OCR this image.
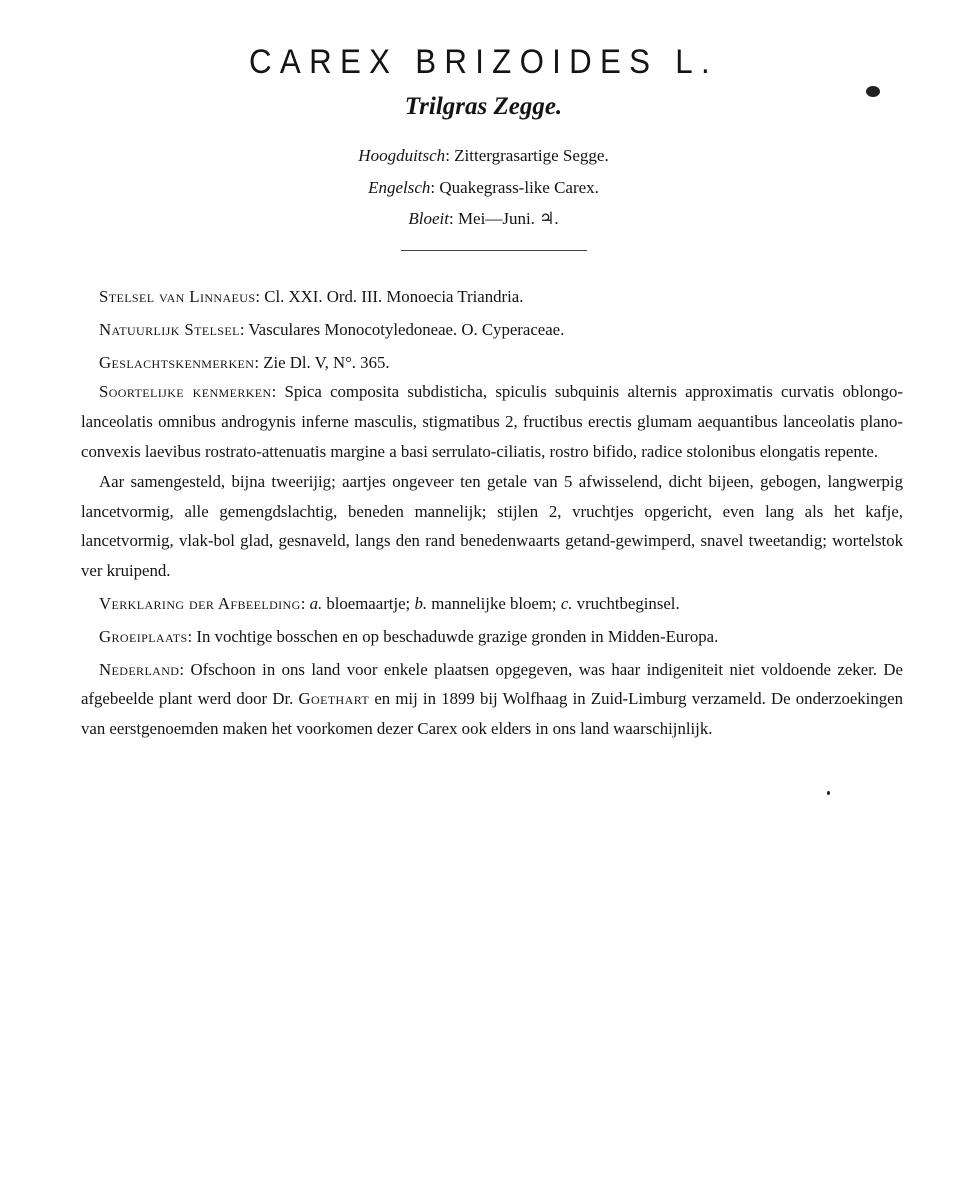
CAREX BRIZOIDES L.
Trilgras Zegge.
Hoogduitsch: Zittergrasartige Segge.
Engelsch: Quakegrass-like Carex.
Bloeit: Mei—Juni. ♃.

Stelsel van Linnaeus: Cl. XXI. Ord. III. Monoecia Triandria.

Natuurlijk Stelsel: Vasculares Monocotyledoneae. O. Cyperaceae.

Geslachtskenmerken: Zie Dl. V, N°. 365.

Soortelijke kenmerken: Spica composita subdisticha, spiculis subquinis alternis approximatis curvatis oblongo-lanceolatis omnibus androgynis inferne masculis, stigmatibus 2, fructibus erectis glumam aequantibus lanceolatis plano-convexis laevibus rostrato-attenuatis margine a basi serrulato-ciliatis, rostro bifido, radice stolonibus elongatis repente.

Aar samengesteld, bijna tweerijig; aartjes ongeveer ten getale van 5 afwisselend, dicht bijeen, gebogen, langwerpig lancetvormig, alle gemengdslachtig, beneden mannelijk; stijlen 2, vruchtjes opgericht, even lang als het kafje, lancetvormig, vlak-bol glad, gesnaveld, langs den rand benedenwaarts getand-gewimperd, snavel tweetandig; wortelstok ver kruipend.

Verklaring der Afbeelding: a. bloemaartje; b. mannelijke bloem; c. vruchtbeginsel.

Groeiplaats: In vochtige bosschen en op beschaduwde grazige gronden in Midden-Europa.

Nederland: Ofschoon in ons land voor enkele plaatsen opgegeven, was haar indigeniteit niet voldoende zeker. De afgebeelde plant werd door Dr. Goethart en mij in 1899 bij Wolfhaag in Zuid-Limburg verzameld. De onderzoekingen van eerstgenoemden maken het voorkomen dezer Carex ook elders in ons land waarschijnlijk.
